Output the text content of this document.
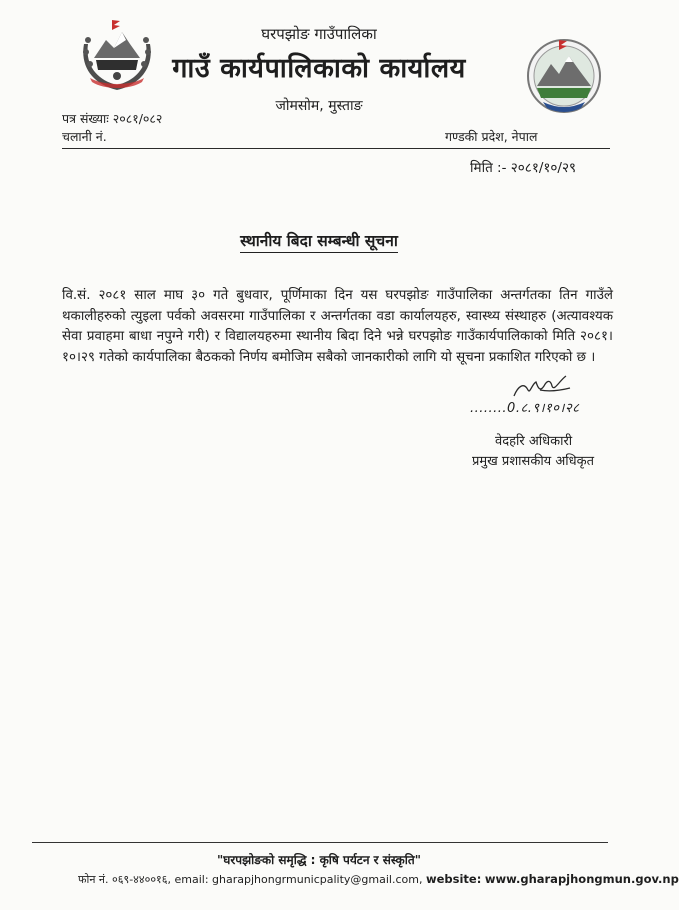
घरपझोङ गाउँपालिका
गाउँ कार्यपालिकाको कार्यालय
जोमसोम, मुस्ताङ
पत्र संख्याः २०८१/०८२
चलानी नं.	गण्डकी प्रदेश, नेपाल
मिति :- २०८१/१०/२९
स्थानीय बिदा सम्बन्धी सूचना
वि.सं. २०८१ साल माघ ३० गते बुधवार, पूर्णिमाका दिन यस घरपझोङ गाउँपालिका अन्तर्गतका तिन गाउँले थकालीहरुको त्युइला पर्वको अवसरमा गाउँपालिका र अन्तर्गतका वडा कार्यालयहरु, स्वास्थ्य संस्थाहरु (अत्यावश्यक सेवा प्रवाहमा बाधा नपुग्ने गरी) र विद्यालयहरुमा स्थानीय बिदा दिने भन्ने घरपझोङ गाउँकार्यपालिकाको मिति २०८१।१०।२९ गतेको कार्यपालिका बैठकको निर्णय बमोजिम सबैको जानकारीको लागि यो सूचना प्रकाशित गरिएको छ ।
........0.८.९।१०।२८
वेदहरि अधिकारी
प्रमुख प्रशासकीय अधिकृत
"घरपझोङको समृद्धि : कृषि पर्यटन र संस्कृति"
फोन नं. ०६९-४४००१६, email: gharapjhongrmunicpality@gmail.com, website: www.gharapjhongmun.gov.np
